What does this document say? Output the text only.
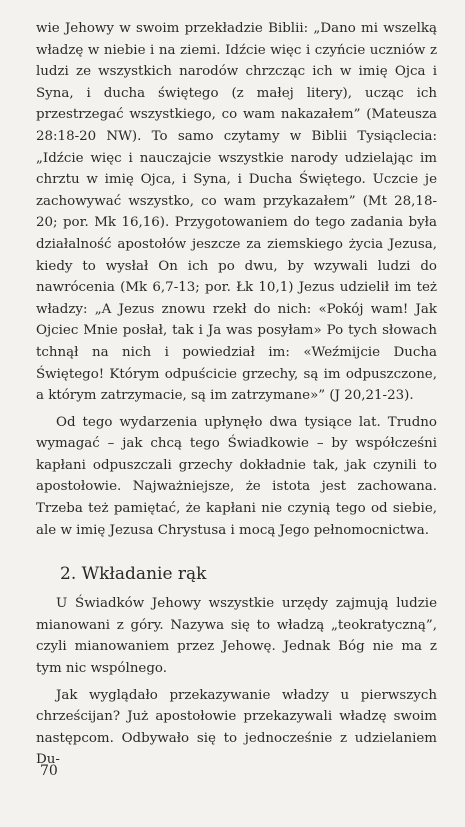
wie Jehowy w swoim przekładzie Biblii: „Dano mi wszelką władzę w niebie i na ziemi. Idźcie więc i czyńcie uczniów z ludzi ze wszystkich narodów chrzcząc ich w imię Ojca i Syna, i ducha świętego (z małej litery), ucząc ich przestrzegać wszystkiego, co wam nakazałem” (Mateusza 28:18-20 NW). To samo czytamy w Biblii Tysiąclecia: „Idźcie więc i nauczajcie wszystkie narody udzielając im chrztu w imię Ojca, i Syna, i Ducha Świętego. Uczcie je zachowywać wszystko, co wam przykazałem” (Mt 28,18-20; por. Mk 16,16). Przygotowaniem do tego zadania była działalność apostołów jeszcze za ziemskiego życia Jezusa, kiedy to wysłał On ich po dwu, by wzywali ludzi do nawrócenia (Mk 6,7-13; por. Łk 10,1) Jezus udzielił im też władzy: „A Jezus znowu rzekł do nich: «Pokój wam! Jak Ojciec Mnie posłał, tak i Ja was posyłam» Po tych słowach tchnął na nich i powiedział im: «Weźmijcie Ducha Świętego! Którym odpuścicie grzechy, są im odpuszczone, a którym zatrzymacie, są im zatrzymane»” (J 20,21-23).

Od tego wydarzenia upłynęło dwa tysiące lat. Trudno wymagać – jak chcą tego Świadkowie – by współcześni kapłani odpuszczali grzechy dokładnie tak, jak czynili to apostołowie. Najważniejsze, że istota jest zachowana. Trzeba też pamiętać, że kapłani nie czynią tego od siebie, ale w imię Jezusa Chrystusa i mocą Jego pełnomocnictwa.

2. Wkładanie rąk

U Świadków Jehowy wszystkie urzędy zajmują ludzie mianowani z góry. Nazywa się to władzą „teokratyczną”, czyli mianowaniem przez Jehowę. Jednak Bóg nie ma z tym nic wspólnego.

Jak wyglądało przekazywanie władzy u pierwszych chrześcijan? Już apostołowie przekazywali władzę swoim następcom. Odbywało się to jednocześnie z udzielaniem Du-

70
